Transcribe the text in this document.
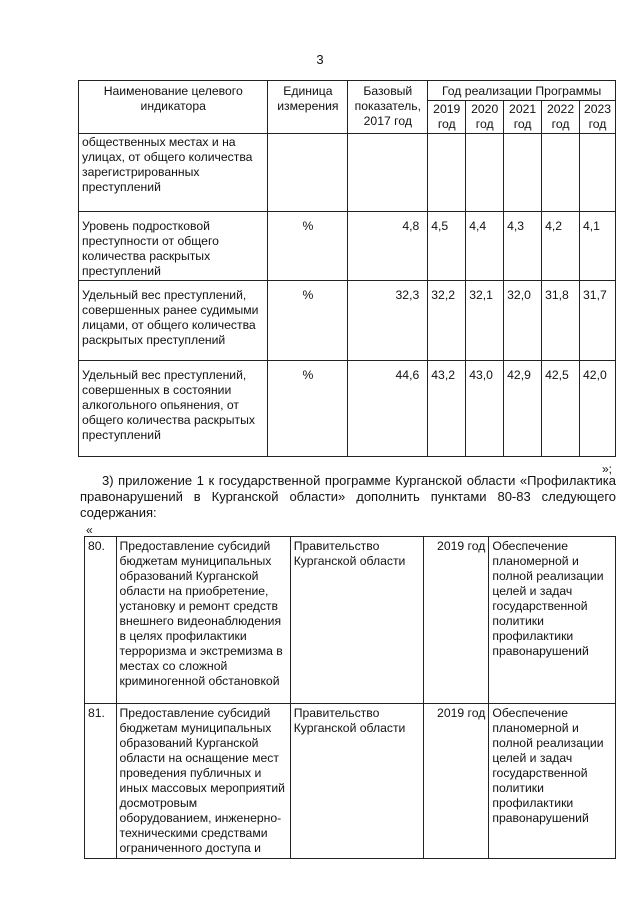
3
Наименование целевого индикатора	Единица измерения	Базовый показатель, 2017 год	Год реализации Программы				
			2019 год	2020 год	2021 год	2022 год	2023 год
общественных местах и на улицах, от общего количества зарегистрированных преступлений							
Уровень подростковой преступности от общего количества раскрытых преступлений	%	4,8	4,5	4,4	4,3	4,2	4,1
Удельный вес преступлений, совершенных ранее судимыми лицами, от общего количества раскрытых преступлений	%	32,3	32,2	32,1	32,0	31,8	31,7
Удельный вес преступлений, совершенных в состоянии алкогольного опьянения, от общего количества раскрытых преступлений	%	44,6	43,2	43,0	42,9	42,5	42,0
»;
3) приложение 1 к государственной программе Курганской области «Профилактика правонарушений в Курганской области» дополнить пунктами 80-83 следующего содержания:
«
80.	Предоставление субсидий бюджетам муниципальных образований Курганской области на приобретение, установку и ремонт средств внешнего видеонаблюдения в целях профилактики терроризма и экстремизма в местах со сложной криминогенной обстановкой	Правительство Курганской области	2019 год	Обеспечение планомерной и полной реализации целей и задач государственной политики профилактики правонарушений
81.	Предоставление субсидий бюджетам муниципальных образований Курганской области на оснащение мест проведения публичных и иных массовых мероприятий досмотровым оборудованием, инженерно-техническими средствами ограниченного доступа и	Правительство Курганской области	2019 год	Обеспечение планомерной и полной реализации целей и задач государственной политики профилактики правонарушений
